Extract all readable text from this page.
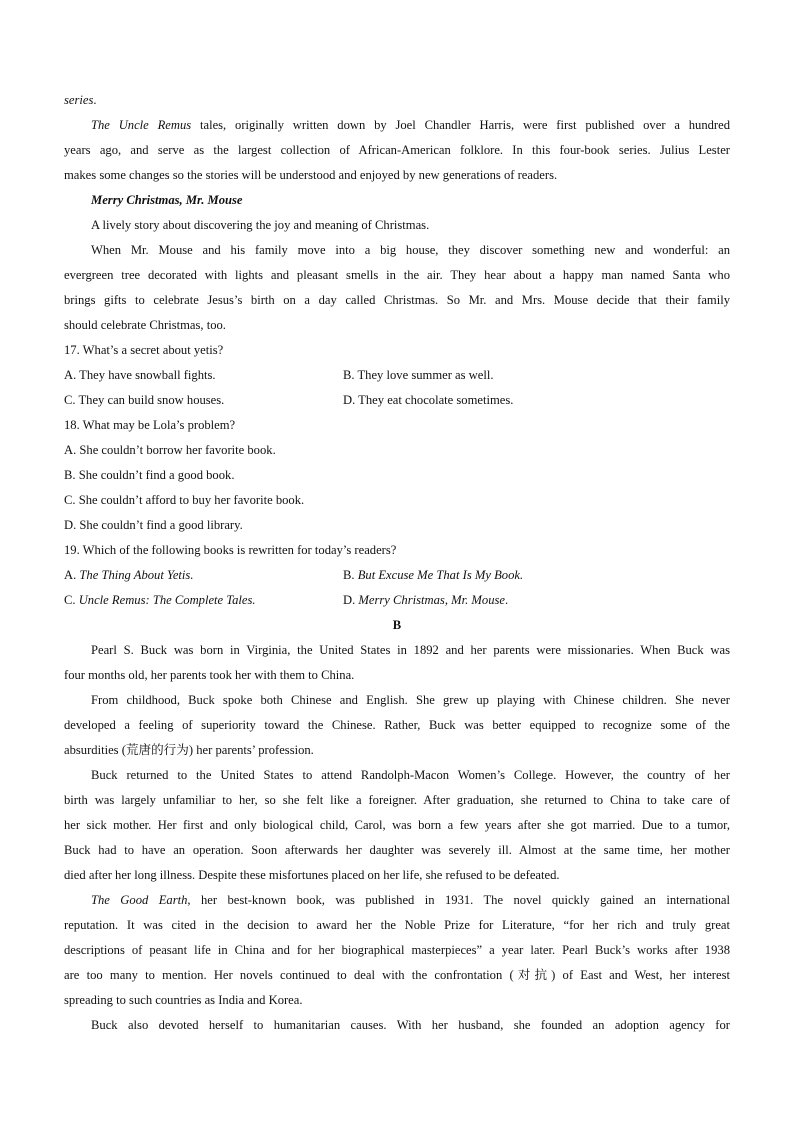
series.
The Uncle Remus tales, originally written down by Joel Chandler Harris, were first published over a hundred
years ago, and serve as the largest collection of African-American folklore. In this four-book series. Julius Lester
makes some changes so the stories will be understood and enjoyed by new generations of readers.
Merry Christmas, Mr. Mouse
A lively story about discovering the joy and meaning of Christmas.
When Mr. Mouse and his family move into a big house, they discover something new and wonderful: an
evergreen tree decorated with lights and pleasant smells in the air. They hear about a happy man named Santa who
brings gifts to celebrate Jesus’s birth on a day called Christmas. So Mr. and Mrs. Mouse decide that their family
should celebrate Christmas, too.
17. What’s a secret about yetis?
A. They have snowball fights.	B. They love summer as well.
C. They can build snow houses.	D. They eat chocolate sometimes.
18. What may be Lola’s problem?
A. She couldn’t borrow her favorite book.
B. She couldn’t find a good book.
C. She couldn’t afford to buy her favorite book.
D. She couldn’t find a good library.
19. Which of the following books is rewritten for today’s readers?
A. The Thing About Yetis.	B. But Excuse Me That Is My Book.
C. Uncle Remus: The Complete Tales.	D. Merry Christmas, Mr. Mouse.
B
Pearl S. Buck was born in Virginia, the United States in 1892 and her parents were missionaries. When Buck was
four months old, her parents took her with them to China.
From childhood, Buck spoke both Chinese and English. She grew up playing with Chinese children. She never
developed a feeling of superiority toward the Chinese. Rather, Buck was better equipped to recognize some of the
absurdities (荒唐的行为) her parents’ profession.
Buck returned to the United States to attend Randolph-Macon Women’s College. However, the country of her
birth was largely unfamiliar to her, so she felt like a foreigner. After graduation, she returned to China to take care of
her sick mother. Her first and only biological child, Carol, was born a few years after she got married. Due to a tumor,
Buck had to have an operation. Soon afterwards her daughter was severely ill. Almost at the same time, her mother
died after her long illness. Despite these misfortunes placed on her life, she refused to be defeated.
The Good Earth, her best-known book, was published in 1931. The novel quickly gained an international
reputation. It was cited in the decision to award her the Noble Prize for Literature, “for her rich and truly great
descriptions of peasant life in China and for her biographical masterpieces” a year later. Pearl Buck’s works after 1938
are too many to mention. Her novels continued to deal with the confrontation (对抗) of East and West, her interest
spreading to such countries as India and Korea.
Buck also devoted herself to humanitarian causes. With her husband, she founded an adoption agency for
